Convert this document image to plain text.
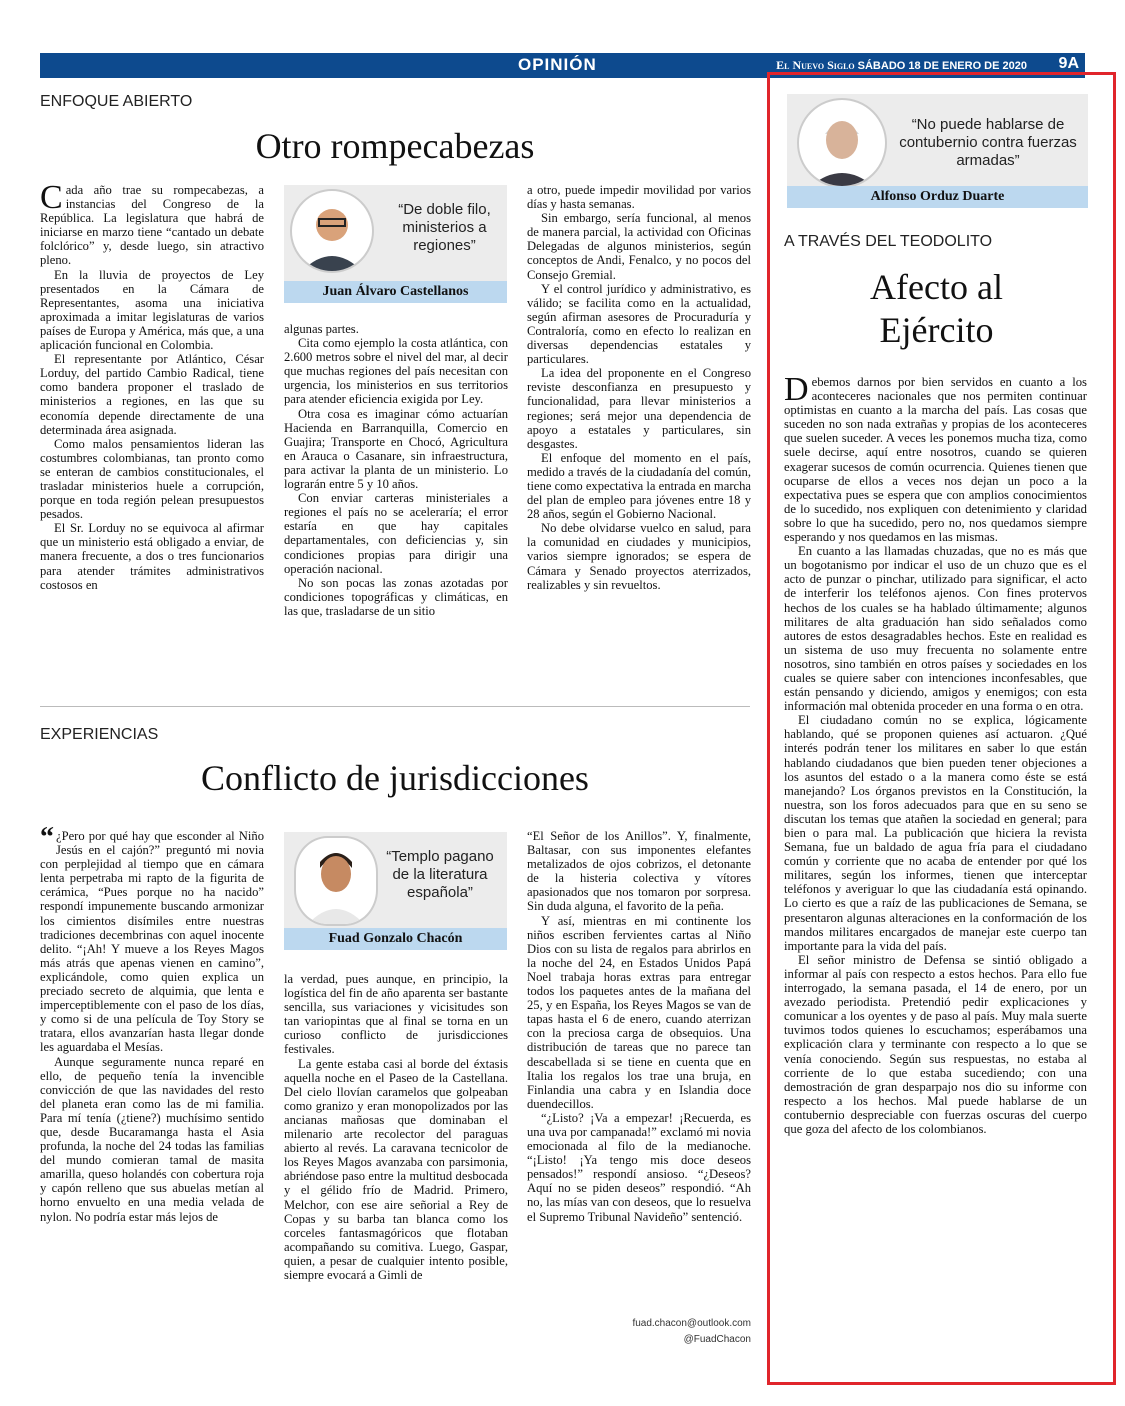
OPINIÓN	El Nuevo Siglo SÁBADO 18 DE ENERO DE 2020 9A
ENFOQUE ABIERTO
Otro rompecabezas

Cada año trae su rompecabezas, a instancias del Congreso de la República. La legislatura que habrá de iniciarse en marzo tiene “cantado un debate folclórico” y, desde luego, sin atractivo pleno.

En la lluvia de proyectos de Ley presentados en la Cámara de Representantes, asoma una iniciativa aproximada a imitar legislaturas de varios países de Europa y América, más que, a una aplicación funcional en Colombia.

El representante por Atlántico, César Lorduy, del partido Cambio Radical, tiene como bandera proponer el traslado de ministerios a regiones, en las que su economía depende directamente de una determinada área asignada.

Como malos pensamientos lideran las costumbres colombianas, tan pronto como se enteran de cambios constitucionales, el trasladar ministerios huele a corrupción, porque en toda región pelean presupuestos pesados.

El Sr. Lorduy no se equivoca al afirmar que un ministerio está obligado a enviar, de manera frecuente, a dos o tres funcionarios para atender trámites administrativos costosos en

“De doble filo, ministerios a regiones”
Juan Álvaro Castellanos

algunas partes.

Cita como ejemplo la costa atlántica, con 2.600 metros sobre el nivel del mar, al decir que muchas regiones del país necesitan con urgencia, los ministerios en sus territorios para atender eficiencia exigida por Ley.

Otra cosa es imaginar cómo actuarían Hacienda en Barranquilla, Comercio en Guajira; Transporte en Chocó, Agricultura en Arauca o Casanare, sin infraestructura, para activar la planta de un ministerio. Lo lograrán entre 5 y 10 años.

Con enviar carteras ministeriales a regiones el país no se aceleraría; el error estaría en que hay capitales departamentales, con deficiencias y, sin condiciones propias para dirigir una operación nacional.

No son pocas las zonas azotadas por condiciones topográficas y climáticas, en las que, trasladarse de un sitio

a otro, puede impedir movilidad por varios días y hasta semanas.

Sin embargo, sería funcional, al menos de manera parcial, la actividad con Oficinas Delegadas de algunos ministerios, según conceptos de Andi, Fenalco, y no pocos del Consejo Gremial.

Y el control jurídico y administrativo, es válido; se facilita como en la actualidad, según afirman asesores de Procuraduría y Contraloría, como en efecto lo realizan en diversas dependencias estatales y particulares.

La idea del proponente en el Congreso reviste desconfianza en presupuesto y funcionalidad, para llevar ministerios a regiones; será mejor una dependencia de apoyo a estatales y particulares, sin desgastes.

El enfoque del momento en el país, medido a través de la ciudadanía del común, tiene como expectativa la entrada en marcha del plan de empleo para jóvenes entre 18 y 28 años, según el Gobierno Nacional.

No debe olvidarse vuelco en salud, para la comunidad en ciudades y municipios, varios siempre ignorados; se espera de Cámara y Senado proyectos aterrizados, realizables y sin revueltos.

EXPERIENCIAS
Conflicto de jurisdicciones

“ ¿Pero por qué hay que esconder al Niño Jesús en el cajón?” preguntó mi novia con perplejidad al tiempo que en cámara lenta perpetraba mi rapto de la figurita de cerámica, “Pues porque no ha nacido” respondí impunemente buscando armonizar los cimientos disímiles entre nuestras tradiciones decembrinas con aquel inocente delito. “¡Ah! Y mueve a los Reyes Magos más atrás que apenas vienen en camino”, explicándole, como quien explica un preciado secreto de alquimia, que lenta e imperceptiblemente con el paso de los días, y como si de una película de Toy Story se tratara, ellos avanzarían hasta llegar donde les aguardaba el Mesías.

Aunque seguramente nunca reparé en ello, de pequeño tenía la invencible convicción de que las navidades del resto del planeta eran como las de mi familia. Para mí tenía (¿tiene?) muchísimo sentido que, desde Bucaramanga hasta el Asia profunda, la noche del 24 todas las familias del mundo comieran tamal de masita amarilla, queso holandés con cobertura roja y capón relleno que sus abuelas metían al horno envuelto en una media velada de nylon. No podría estar más lejos de

“Templo pagano de la literatura española”
Fuad Gonzalo Chacón

la verdad, pues aunque, en principio, la logística del fin de año aparenta ser bastante sencilla, sus variaciones y vicisitudes son tan variopintas que al final se torna en un curioso conflicto de jurisdicciones festivales.

La gente estaba casi al borde del éxtasis aquella noche en el Paseo de la Castellana. Del cielo llovían caramelos que golpeaban como granizo y eran monopolizados por las ancianas mañosas que dominaban el milenario arte recolector del paraguas abierto al revés. La caravana tecnicolor de los Reyes Magos avanzaba con parsimonia, abriéndose paso entre la multitud desbocada y el gélido frío de Madrid. Primero, Melchor, con ese aire señorial a Rey de Copas y su barba tan blanca como los corceles fantasmagóricos que flotaban acompañando su comitiva. Luego, Gaspar, quien, a pesar de cualquier intento posible, siempre evocará a Gimli de

“El Señor de los Anillos”. Y, finalmente, Baltasar, con sus imponentes elefantes metalizados de ojos cobrizos, el detonante de la histeria colectiva y vítores apasionados que nos tomaron por sorpresa. Sin duda alguna, el favorito de la peña.

Y así, mientras en mi continente los niños escriben fervientes cartas al Niño Dios con su lista de regalos para abrirlos en la noche del 24, en Estados Unidos Papá Noel trabaja horas extras para entregar todos los paquetes antes de la mañana del 25, y en España, los Reyes Magos se van de tapas hasta el 6 de enero, cuando aterrizan con la preciosa carga de obsequios. Una distribución de tareas que no parece tan descabellada si se tiene en cuenta que en Italia los regalos los trae una bruja, en Finlandia una cabra y en Islandia doce duendecillos.

“¿Listo? ¡Va a empezar! ¡Recuerda, es una uva por campanada!” exclamó mi novia emocionada al filo de la medianoche. “¡Listo! ¡Ya tengo mis doce deseos pensados!” respondí ansioso. “¿Deseos? Aquí no se piden deseos” respondió. “Ah no, las mías van con deseos, que lo resuelva el Supremo Tribunal Navideño” sentenció.

fuad.chacon@outlook.com
@FuadChacon
“No puede hablarse de contubernio contra fuerzas armadas”
Alfonso Orduz Duarte
A TRAVÉS DEL TEODOLITO
Afecto al
Ejército

Debemos darnos por bien servidos en cuanto a los aconteceres nacionales que nos permiten continuar optimistas en cuanto a la marcha del país. Las cosas que suceden no son nada extrañas y propias de los aconteceres que suelen suceder. A veces les ponemos mucha tiza, como suele decirse, aquí entre nosotros, cuando se quieren exagerar sucesos de común ocurrencia. Quienes tienen que ocuparse de ellos a veces nos dejan un poco a la expectativa pues se espera que con amplios conocimientos de lo sucedido, nos expliquen con detenimiento y claridad sobre lo que ha sucedido, pero no, nos quedamos siempre esperando y nos quedamos en las mismas.

En cuanto a las llamadas chuzadas, que no es más que un bogotanismo por indicar el uso de un chuzo que es el acto de punzar o pinchar, utilizado para significar, el acto de interferir los teléfonos ajenos. Con fines protervos hechos de los cuales se ha hablado últimamente; algunos militares de alta graduación han sido señalados como autores de estos desagradables hechos. Este en realidad es un sistema de uso muy frecuenta no solamente entre nosotros, sino también en otros países y sociedades en los cuales se quiere saber con intenciones inconfesables, que están pensando y diciendo, amigos y enemigos; con esta información mal obtenida proceder en una forma o en otra.

El ciudadano común no se explica, lógicamente hablando, qué se proponen quienes así actuaron. ¿Qué interés podrán tener los militares en saber lo que están hablando ciudadanos que bien pueden tener objeciones a los asuntos del estado o a la manera como éste se está manejando? Los órganos previstos en la Constitución, la nuestra, son los foros adecuados para que en su seno se discutan los temas que atañen la sociedad en general; para bien o para mal. La publicación que hiciera la revista Semana, fue un baldado de agua fría para el ciudadano común y corriente que no acaba de entender por qué los militares, según los informes, tienen que interceptar teléfonos y averiguar lo que las ciudadanía está opinando. Lo cierto es que a raíz de las publicaciones de Semana, se presentaron algunas alteraciones en la conformación de los mandos militares encargados de manejar este cuerpo tan importante para la vida del país.

El señor ministro de Defensa se sintió obligado a informar al país con respecto a estos hechos. Para ello fue interrogado, la semana pasada, el 14 de enero, por un avezado periodista. Pretendió pedir explicaciones y comunicar a los oyentes y de paso al país. Muy mala suerte tuvimos todos quienes lo escuchamos; esperábamos una explicación clara y terminante con respecto a lo que se venía conociendo. Según sus respuestas, no estaba al corriente de lo que estaba sucediendo; con una demostración de gran desparpajo nos dio su informe con respecto a los hechos. Mal puede hablarse de un contubernio despreciable con fuerzas oscuras del cuerpo que goza del afecto de los colombianos.
